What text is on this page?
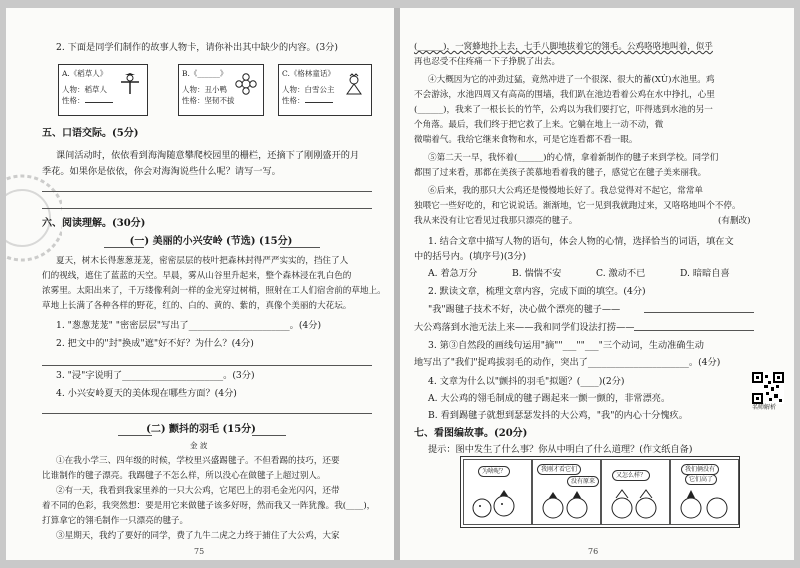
2. 下面是同学们制作的故事人物卡，请你补出其中缺少的内容。(3分)
A.《稻草人》
人物：稻草人
性格：
B.《______》
人物：丑小鸭
性格：坚韧不拔
C.《格林童话》
人物：白雪公主
性格：
五、口语交际。(5分)
课间活动时，依依看到海淘随意攀爬校园里的栅栏，还摘下了刚刚盛开的月
季花。如果你是依依，你会对海淘说些什么呢？请写一写。
六、阅读理解。(30分)
(一) 美丽的小兴安岭 (节选) (15分)
夏天，树木长得葱葱茏茏，密密层层的枝叶把森林封得严严实实的，挡住了人
们的视线，遮住了蓝蓝的天空。早晨，雾从山谷里升起来，整个森林浸在乳白色的
浓雾里。太阳出来了，千万缕像利剑一样的金光穿过树梢，照射在工人们宿舍前的草地上。
草地上长满了各种各样的野花，红的、白的、黄的、紫的，真像个美丽的大花坛。
1. "葱葱茏茏" "密密层层"写出了______________________。(4分)
2. 把文中的"封"换成"遮"好不好？为什么？(4分)
3. "浸"字说明了______________________。(3分)
4. 小兴安岭夏天的美体现在哪些方面？(4分)
(二) 颤抖的羽毛 (15分)
金 波
①在我小学三、四年级的时候，学校里兴盛踢毽子。不但看踢的技巧，还要
比谁制作的毽子漂亮。我踢毽子不怎么样，所以没心在做毽子上超过别人。
②有一天，我看到我家里养的一只大公鸡，它尾巴上的羽毛金光闪闪，还带
着不同的色彩，我突然想：要是用它来做毽子该多好呀，然而我又一阵犹豫。我(____)，打算拿它的翎毛制作一只漂亮的毽子。
③星期天，我约了要好的同学，费了九牛二虎之力终于捕住了大公鸡，大家
75
(______)，一窝蜂地扑上去，七手八脚地拔着它的翎毛。公鸡咯咯地叫着，似乎
再也忍受不住疼痛一下子挣脱了出去。
④大概因为它的冲劲过猛，竟然冲进了一个很深、很大的蓄(XÙ)水池里。鸡
不会游泳，水池四周又有高高的围墙，我们趴在池边看着公鸡在水中挣扎，心里
(______)，我来了一根长长的竹竿，公鸡以为我们要打它，吓得逃到水池的另一
个角落。最后，我们终于把它救了上来。它躺在地上一动不动，微
微喘着气。我给它继来食物和水，可是它连看都不看一眼。
⑤第二天一早，我怀着(______)的心情，拿着新制作的毽子来到学校。同学们
都围了过来看，那都在美孩子羡慕地看着我的毽子，感觉它在毽子美来丽我。
⑥后来，我的那只大公鸡还是慢慢地长好了。我总觉得对不起它，常常单
独喂它一些好吃的，和它说说话。渐渐地，它一见到我就跑过来，又咯咯地叫个不停。
我从来没有让它看见过我那只漂亮的毽子。	(有删改)
1. 结合文章中描写人物的语句，体会人物的心情，选择恰当的词语，填在文
中的括号内。(填序号)(3分)
A. 着急万分	B. 惴惴不安	C. 激动不已	D. 暗暗自喜
2. 默读文章，梳理文章内容，完成下面的填空。(4分)
"我"踢毽子技术不好，决心做个漂亮的毽子——
大公鸡落到水池无法上来——我和同学们设法打捞——
3. 第③自然段的画线句运用"摘""___""___"三个动词，生动准确生动
地写出了"我们"捉鸡拔羽毛的动作，突出了______________________。(4分)
4. 文章为什么以"颤抖的羽毛"拟题？(____)(2分)
A. 大公鸡的翎毛制成的毽子踢起来一颤一颤的，非常漂亮。
B. 看到踢毽子就想到瑟瑟发抖的大公鸡，"我"的内心十分愧疚。
名师解析
七、看图编故事。(20分)
提示：图中发生了什么事？你从中明白了什么道理？(作文纸自备)
为啥呢？	我刚才看它们
没有原来
又怎么样？
我们俩没有
它们高了
76
